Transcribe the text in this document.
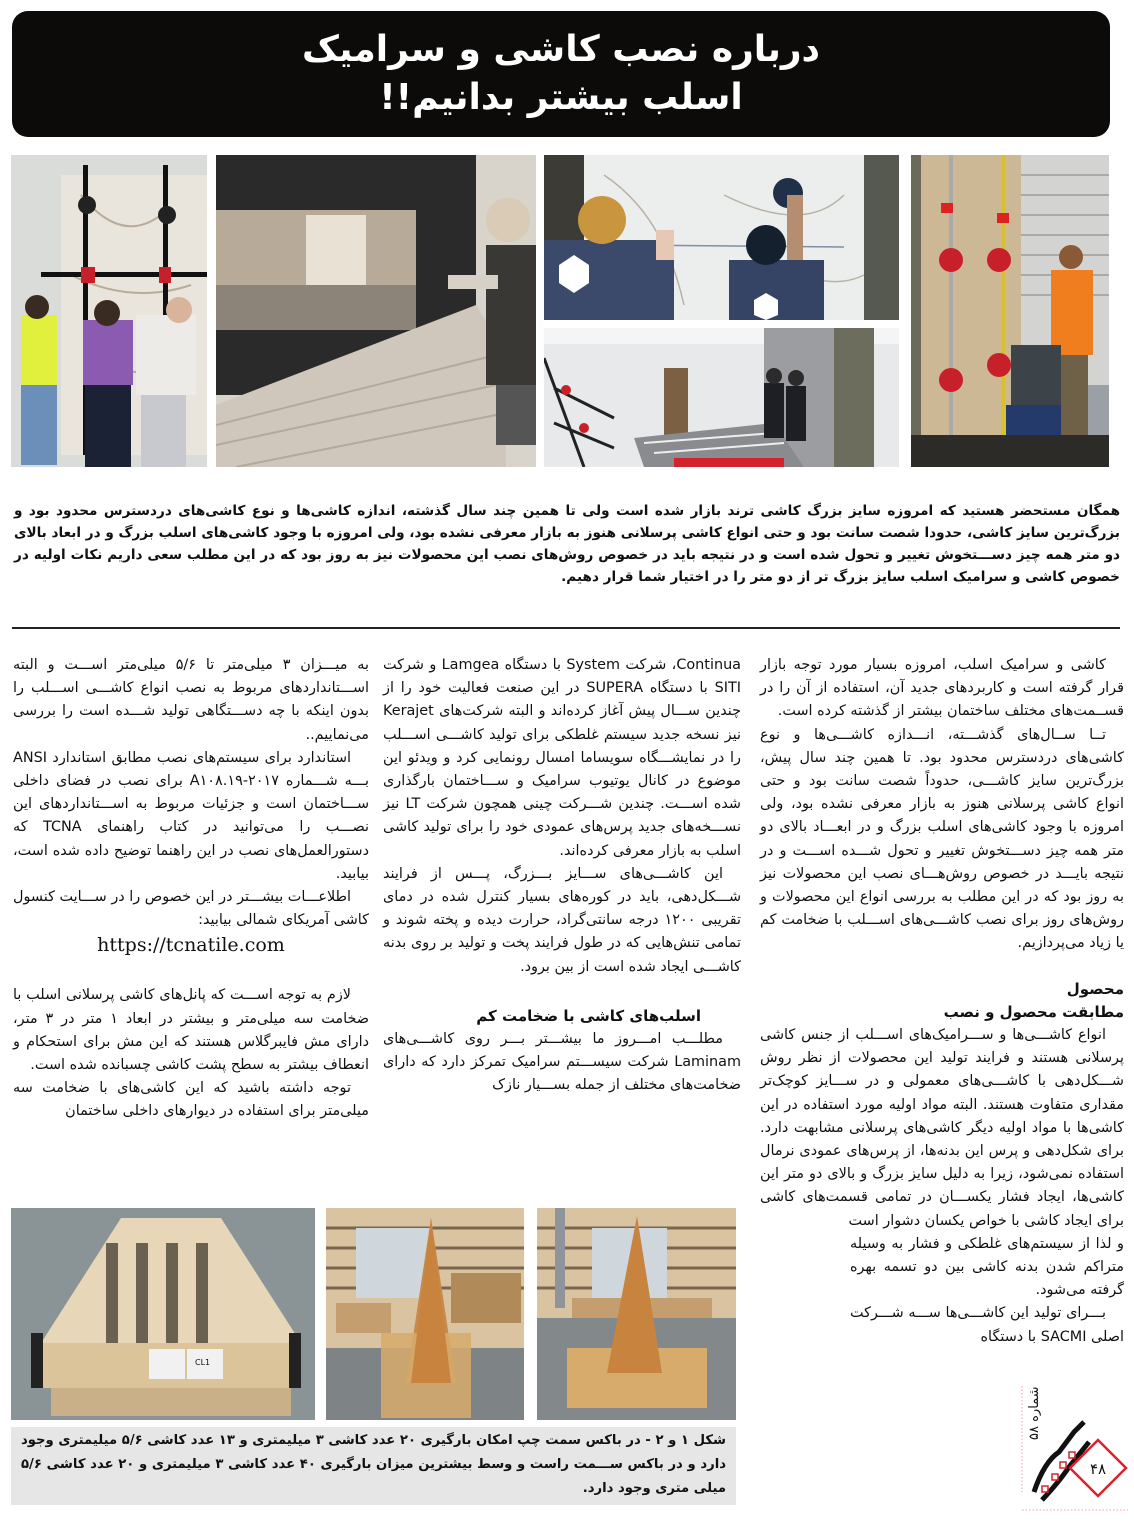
درباره نصب کاشی و سرامیک
اسلب بیشتر بدانیم!!
همگان مستحضر هستید که امروزه سایز بزرگ کاشی ترند بازار شده است ولی تا همین چند سال گذشته، اندازه کاشی‌ها و نوع کاشی‌های دردسترس محدود بود و بزرگ‌ترین سایز کاشی، حدودا شصت سانت بود و حتی انواع کاشی پرسلانی هنوز به بازار معرفی نشده بود، ولی امروزه با وجود کاشی‌های اسلب بزرگ و در ابعاد بالای دو متر همه چیز دســـتخوش تغییر و تحول شده است و در نتیجه باید در خصوص روش‌های نصب این محصولات نیز به روز بود که در این مطلب سعی داریم نکات اولیه در خصوص کاشی و سرامیک اسلب سایز بزرگ تر از دو متر را در اختیار شما قرار دهیم.

کاشی و سرامیک اسلب، امروزه بسیار مورد توجه بازار قرار گرفته است و کاربردهای جدید آن، استفاده از آن را در قســمت‌های مختلف ساختمان بیشتر از گذشته کرده است.

تــا ســال‌های گذشـــته، انـــدازه کاشـــی‌ها و نوع کاشی‌های دردسترس محدود بود. تا همین چند سال پیش، بزرگ‌ترین سایز کاشـــی، حدوداً شصت سانت بود و حتی انواع کاشی پرسلانی هنوز به بازار معرفی نشده بود، ولی امروزه با وجود کاشی‌های اسلب بزرگ و در ابعـــاد بالای دو متر همه چیز دســـتخوش تغییر و تحول شـــده اســـت و در نتیجه بایـــد در خصوص روش‌هـــای نصب این محصولات نیز به روز بود که در این مطلب به بررسی انواع این محصولات و روش‌های روز برای نصب کاشـــی‌های اســـلب با ضخامت کم یا زیاد می‌پردازیم.

محصول

مطابقت محصول و نصب

انواع کاشـــی‌ها و ســـرامیک‌های اســـلب از جنس کاشی پرسلانی هستند و فرایند تولید این محصولات از نظر روش شـــکل‌دهی با کاشـــی‌های معمولی و در ســـایز کوچک‌تر مقداری متفاوت هستند. البته مواد اولیه مورد استفاده در این کاشی‌ها با مواد اولیه دیگر کاشی‌های پرسلانی مشابهت دارد. برای شکل‌دهی و پرس این بدنه‌ها، از پرس‌های عمودی نرمال استفاده نمی‌شود، زیرا به دلیل سایز بزرگ و بالای دو متر این کاشی‌ها، ایجاد فشار یکســـان در تمامی قسمت‌های کاشی برای ایجاد کاشی با خواص یکسان دشوار است

و لذا از سیستم‌های غلطکی و فشار به وسیله متراکم شدن بدنه کاشی بین دو تسمه بهره گرفته می‌شود.

بـــرای تولید این کاشـــی‌ها ســـه شـــرکت اصلی SACMI با دستگاه

Continua، شرکت System با دستگاه Lamgea و شرکت SITI با دستگاه SUPERA در این صنعت فعالیت خود را از چندین ســـال پیش آغاز کرده‌اند و البته شرکت‌های Kerajet نیز نسخه جدید سیستم غلطکی برای تولید کاشـــی اســـلب را در نمایشـــگاه سویساما امسال رونمایی کرد و ویدئو این موضوع در کانال یوتیوب سرامیک و ســـاختمان بارگذاری شده اســـت. چندین شـــرکت چینی همچون شرکت LT نیز نســـخه‌های جدید پرس‌های عمودی خود را برای تولید کاشی اسلب به بازار معرفی کرده‌اند.

این کاشـــی‌های ســـایز بـــزرگ، پـــس از فرایند شـــکل‌دهی، باید در کوره‌های بسیار کنترل شده در دمای تقریبی ۱۲۰۰ درجه سانتی‌گراد، حرارت دیده و پخته شوند و تمامی تنش‌هایی که در طول فرایند پخت و تولید بر روی بدنه کاشـــی ایجاد شده است از بین برود.

اسلب‌های کاشی با ضخامت کم

مطلـــب امـــروز ما بیشـــتر بـــر روی کاشـــی‌های Laminam شرکت سیســـتم سرامیک تمرکز دارد که دارای ضخامت‌های مختلف از جمله بســـیار نازک

به میـــزان ۳ میلی‌متر تا ۵/۶ میلی‌متر اســـت و البته اســـتانداردهای مربوط به نصب انواع کاشـــی اســـلب را بدون اینکه با چه دســـتگاهی تولید شـــده است را بررسی می‌نماییم..

استاندارد برای سیستم‌های نصب مطابق استاندارد ANSI بـــه شـــماره ۲۰۱۷-A۱۰۸.۱۹ برای نصب در فضای داخلی ســـاختمان است و جزئیات مربوط به اســـتانداردهای این نصـــب را می‌توانید در کتاب راهنمای TCNA که دستورالعمل‌های نصب در این راهنما توضیح داده شده است، بیابید.

اطلاعـــات بیشـــتر در این خصوص را در ســـایت کنسول کاشی آمریکای شمالی بیابید:

https://tcnatile.com

لازم به توجه اســـت که پانل‌های کاشی پرسلانی اسلب با ضخامت سه میلی‌متر و بیشتر در ابعاد ۱ متر در ۳ متر، دارای مش فایبرگلاس هستند که این مش برای استحکام و انعطاف بیشتر به سطح پشت کاشی چسبانده شده است.

توجه داشته باشید که این کاشی‌های با ضخامت سه میلی‌متر برای استفاده در دیوارهای داخلی ساختمان

CL1
شکل ۱ و ۲ - در باکس سمت چپ امکان بارگیری ۲۰ عدد کاشی ۳ میلیمتری و ۱۳ عدد کاشی ۵/۶ میلیمتری وجود دارد و در باکس ســـمت راست و وسط بیشترین میزان بارگیری ۴۰ عدد کاشی ۳ میلیمتری و ۲۰ عدد کاشی ۵/۶ میلی متری وجود دارد.
شماره ۵۸
۴۸
